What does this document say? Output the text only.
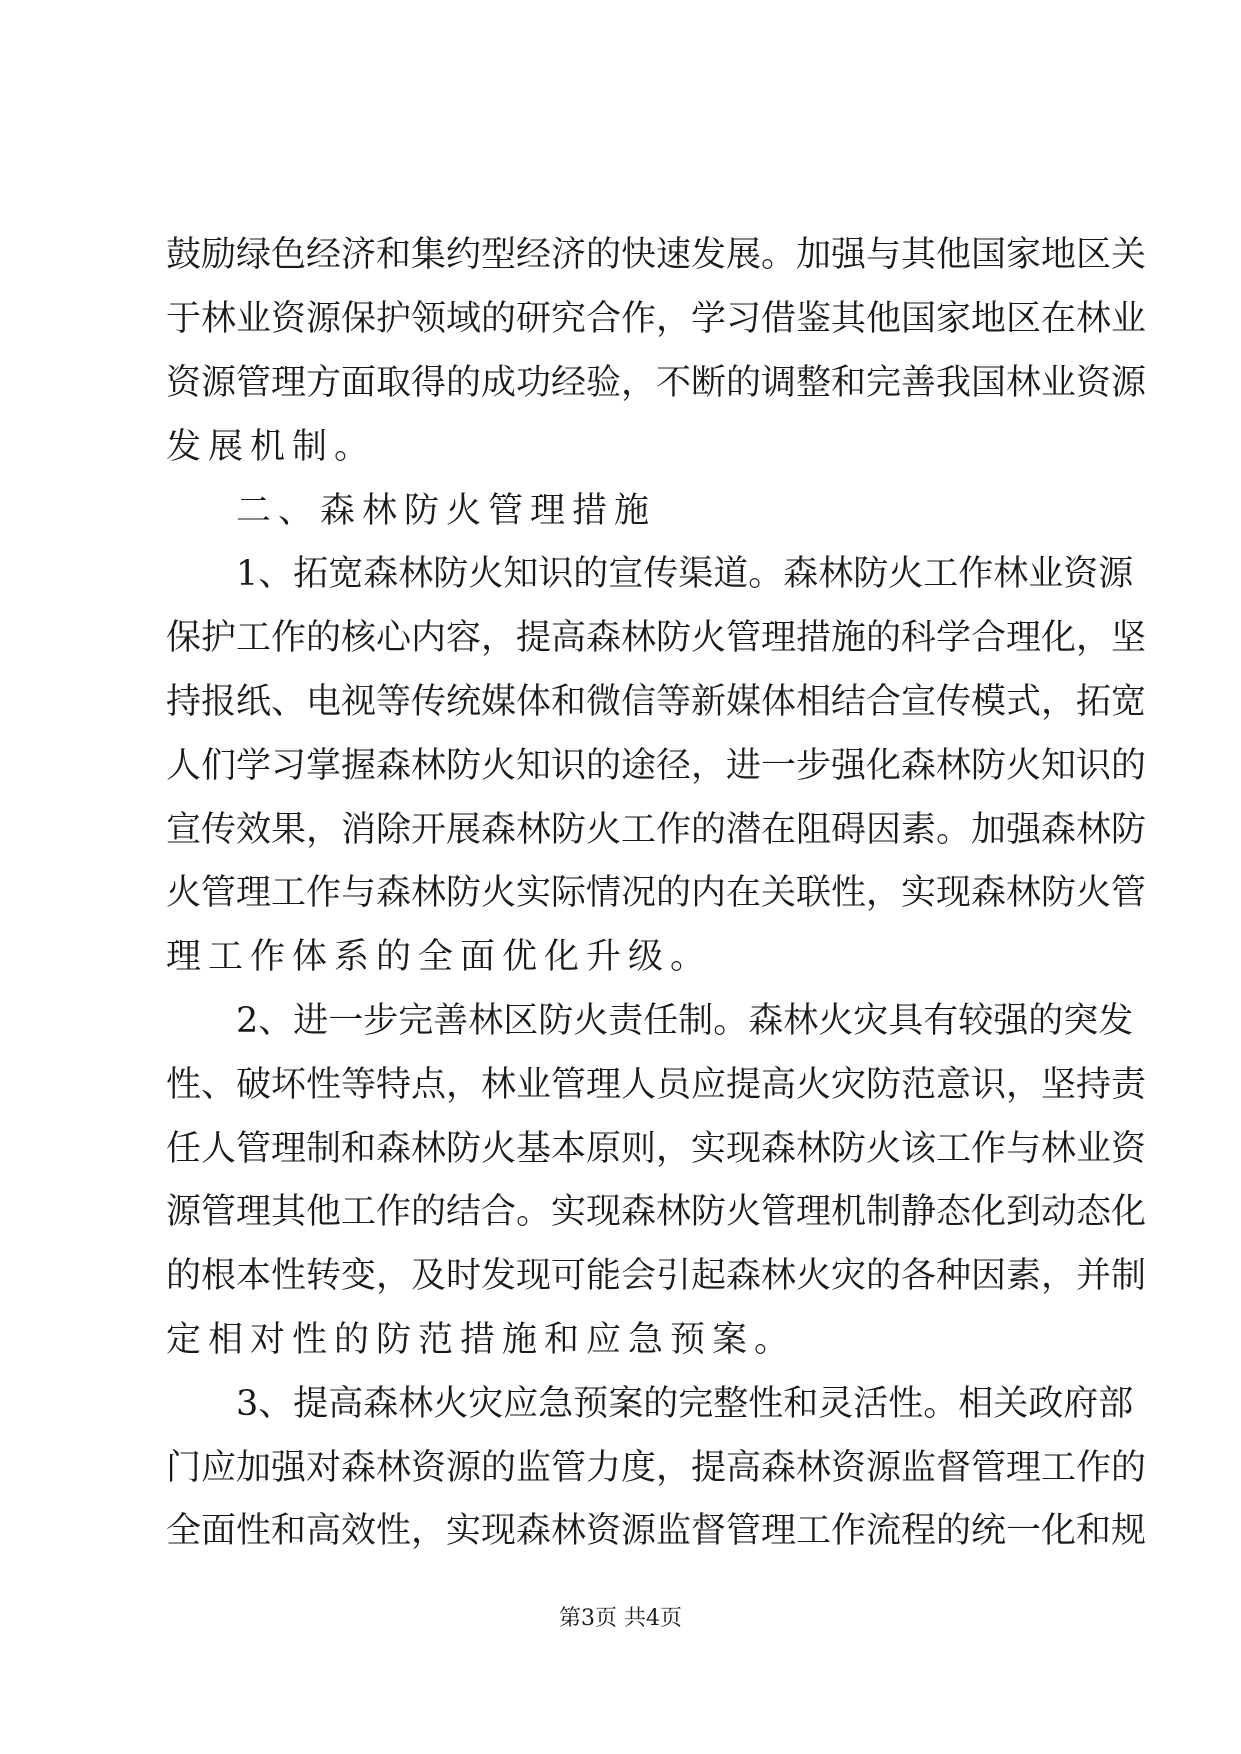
鼓励绿色经济和集约型经济的快速发展。加强与其他国家地区关
于林业资源保护领域的研究合作，学习借鉴其他国家地区在林业
资源管理方面取得的成功经验，不断的调整和完善我国林业资源
发展机制。
二、森林防火管理措施
1、拓宽森林防火知识的宣传渠道。森林防火工作林业资源
保护工作的核心内容，提高森林防火管理措施的科学合理化，坚
持报纸、电视等传统媒体和微信等新媒体相结合宣传模式，拓宽
人们学习掌握森林防火知识的途径，进一步强化森林防火知识的
宣传效果，消除开展森林防火工作的潜在阻碍因素。加强森林防
火管理工作与森林防火实际情况的内在关联性，实现森林防火管
理工作体系的全面优化升级。
2、进一步完善林区防火责任制。森林火灾具有较强的突发
性、破坏性等特点，林业管理人员应提高火灾防范意识，坚持责
任人管理制和森林防火基本原则，实现森林防火该工作与林业资
源管理其他工作的结合。实现森林防火管理机制静态化到动态化
的根本性转变，及时发现可能会引起森林火灾的各种因素，并制
定相对性的防范措施和应急预案。
3、提高森林火灾应急预案的完整性和灵活性。相关政府部
门应加强对森林资源的监管力度，提高森林资源监督管理工作的
全面性和高效性，实现森林资源监督管理工作流程的统一化和规
第3页 共4页
